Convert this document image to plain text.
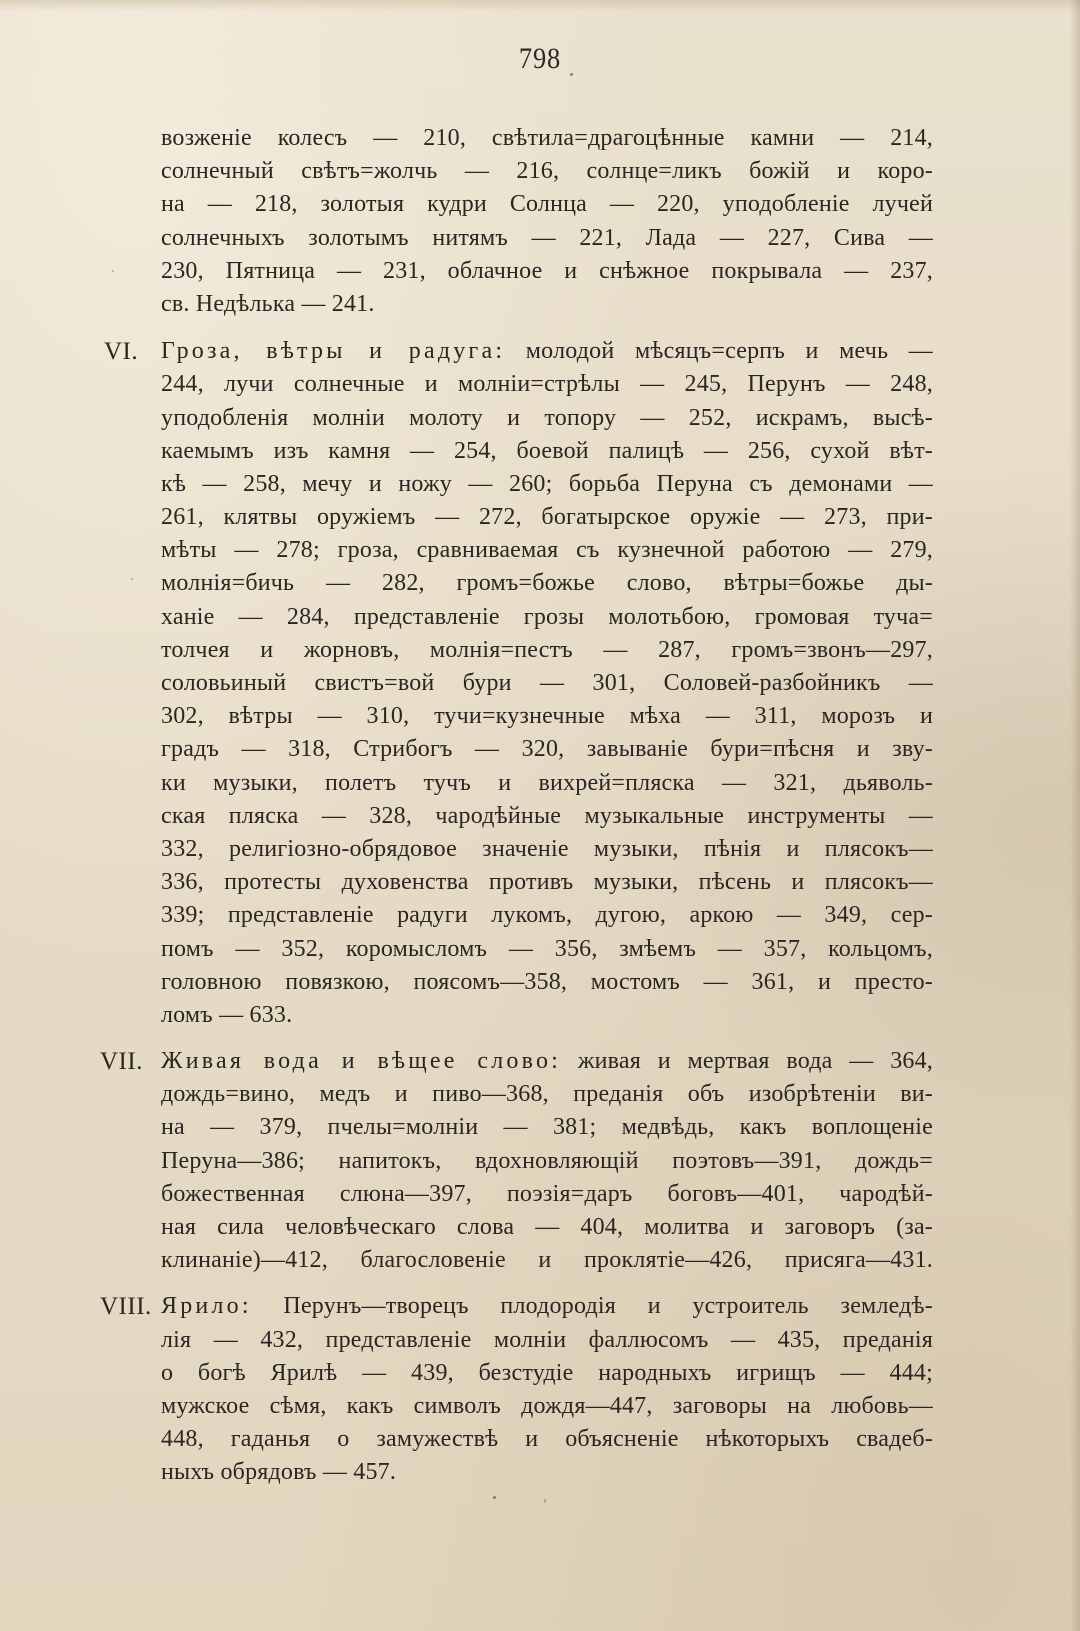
798
возженіе колесъ — 210, свѣтила=драгоцѣнные камни — 214,
солнечный свѣтъ=жолчь — 216, солнце=ликъ божій и коро-
на — 218, золотыя кудри Солнца — 220, уподобленіе лучей
солнечныхъ золотымъ нитямъ — 221, Лада — 227, Сива —
230, Пятница — 231, облачное и снѣжное покрывала — 237,
св. Недѣлька — 241.
VI. Гроза, вѣтры и радуга: молодой мѣсяцъ=серпъ и мечь —
244, лучи солнечные и молніи=стрѣлы — 245, Перунъ — 248,
уподобленія молніи молоту и топору — 252, искрамъ, высѣ-
каемымъ изъ камня — 254, боевой палицѣ — 256, сухой вѣт-
кѣ — 258, мечу и ножу — 260; борьба Перуна съ демонами —
261, клятвы оружіемъ — 272, богатырское оружіе — 273, при-
мѣты — 278; гроза, сравниваемая съ кузнечной работою — 279,
молнія=бичь — 282, громъ=божье слово, вѣтры=божье ды-
ханіе — 284, представленіе грозы молотьбою, громовая туча=
толчея и жорновъ, молнія=пестъ — 287, громъ=звонъ—297,
соловьиный свистъ=вой бури — 301, Соловей-разбойникъ —
302, вѣтры — 310, тучи=кузнечные мѣха — 311, морозъ и
градъ — 318, Стрибогъ — 320, завываніе бури=пѣсня и зву-
ки музыки, полетъ тучъ и вихрей=пляска — 321, дьяволь-
ская пляска — 328, чародѣйные музыкальные инструменты —
332, религіозно-обрядовое значеніе музыки, пѣнія и плясокъ—
336, протесты духовенства противъ музыки, пѣсень и плясокъ—
339; представленіе радуги лукомъ, дугою, аркою — 349, сер-
помъ — 352, коромысломъ — 356, змѣемъ — 357, кольцомъ,
головною повязкою, поясомъ—358, мостомъ — 361, и престо-
ломъ — 633.
VII. Живая вода и вѣщее слово: живая и мертвая вода — 364,
дождь=вино, медъ и пиво—368, преданія объ изобрѣтеніи ви-
на — 379, пчелы=молніи — 381; медвѣдь, какъ воплощеніе
Перуна—386; напитокъ, вдохновляющій поэтовъ—391, дождь=
божественная слюна—397, поэзія=даръ боговъ—401, чародѣй-
ная сила человѣческаго слова — 404, молитва и заговоръ (за-
клинаніе)—412, благословеніе и проклятіе—426, присяга—431.
VIII. Ярило: Перунъ—творецъ плодородія и устроитель земледѣ-
лія — 432, представленіе молніи фаллюсомъ — 435, преданія
о богѣ Ярилѣ — 439, безстудіе народныхъ игрищъ — 444;
мужское сѣмя, какъ символъ дождя—447, заговоры на любовь—
448, гаданья о замужествѣ и объясненіе нѣкоторыхъ свадеб-
ныхъ обрядовъ — 457.
